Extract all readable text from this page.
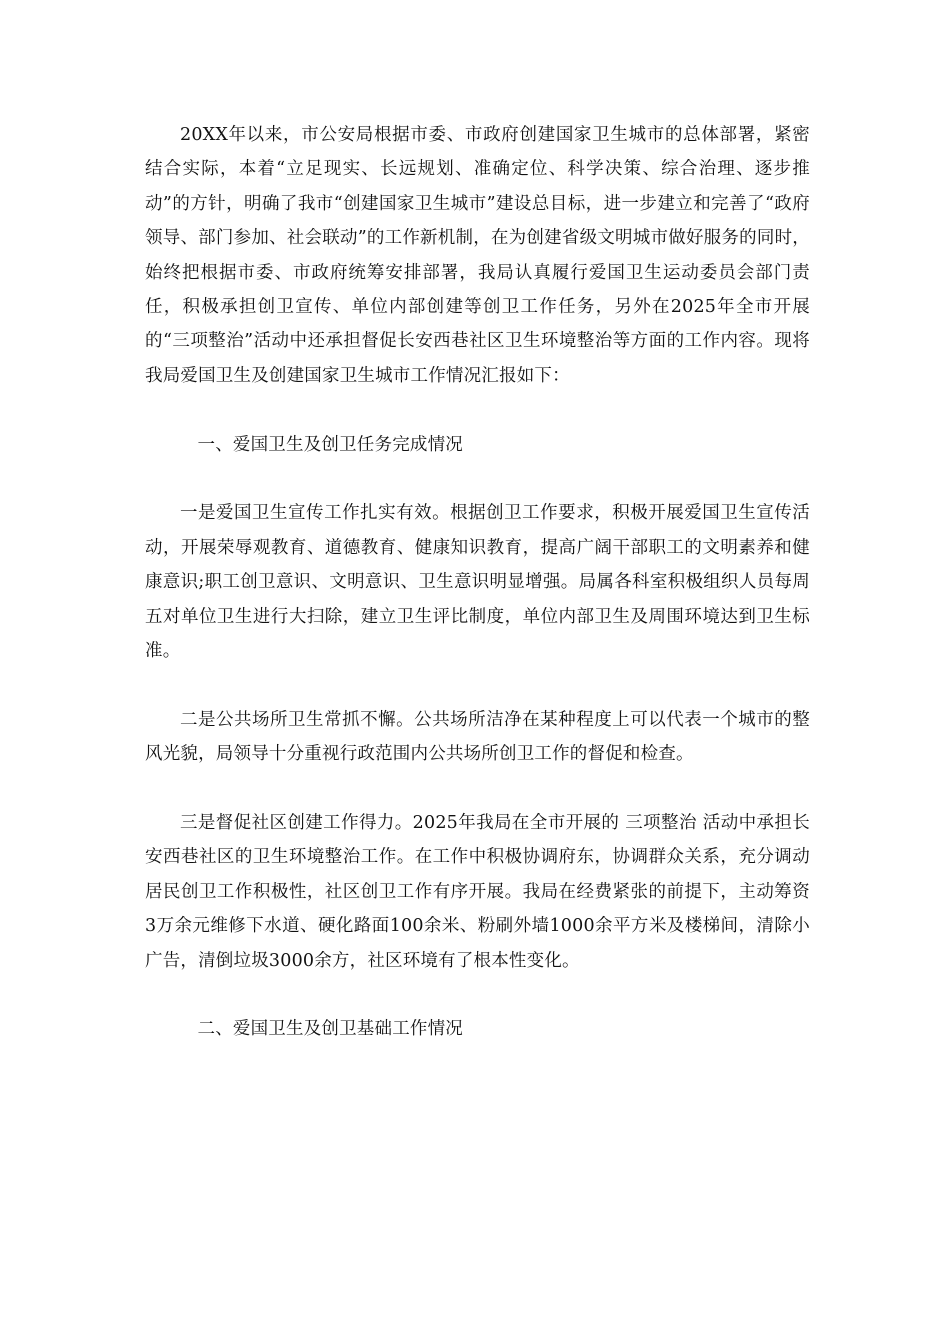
20XX年以来，市公安局根据市委、市政府创建国家卫生城市的总体部署，紧密结合实际，本着“立足现实、长远规划、准确定位、科学决策、综合治理、逐步推动”的方针，明确了我市“创建国家卫生城市”建设总目标，进一步建立和完善了“政府领导、部门参加、社会联动”的工作新机制，在为创建省级文明城市做好服务的同时，始终把根据市委、市政府统筹安排部署，我局认真履行爱国卫生运动委员会部门责任，积极承担创卫宣传、单位内部创建等创卫工作任务，另外在2025年全市开展的“三项整治”活动中还承担督促长安西巷社区卫生环境整治等方面的工作内容。现将我局爱国卫生及创建国家卫生城市工作情况汇报如下：

一、爱国卫生及创卫任务完成情况

一是爱国卫生宣传工作扎实有效。根据创卫工作要求，积极开展爱国卫生宣传活动，开展荣辱观教育、道德教育、健康知识教育，提高广阔干部职工的文明素养和健康意识;职工创卫意识、文明意识、卫生意识明显增强。局属各科室积极组织人员每周五对单位卫生进行大扫除，建立卫生评比制度，单位内部卫生及周围环境达到卫生标准。

二是公共场所卫生常抓不懈。公共场所洁净在某种程度上可以代表一个城市的整风光貌，局领导十分重视行政范围内公共场所创卫工作的督促和检查。

三是督促社区创建工作得力。2025年我局在全市开展的 三项整治 活动中承担长安西巷社区的卫生环境整治工作。在工作中积极协调府东，协调群众关系，充分调动居民创卫工作积极性，社区创卫工作有序开展。我局在经费紧张的前提下，主动筹资3万余元维修下水道、硬化路面100余米、粉刷外墙1000余平方米及楼梯间，清除小广告，清倒垃圾3000余方，社区环境有了根本性变化。

二、爱国卫生及创卫基础工作情况
